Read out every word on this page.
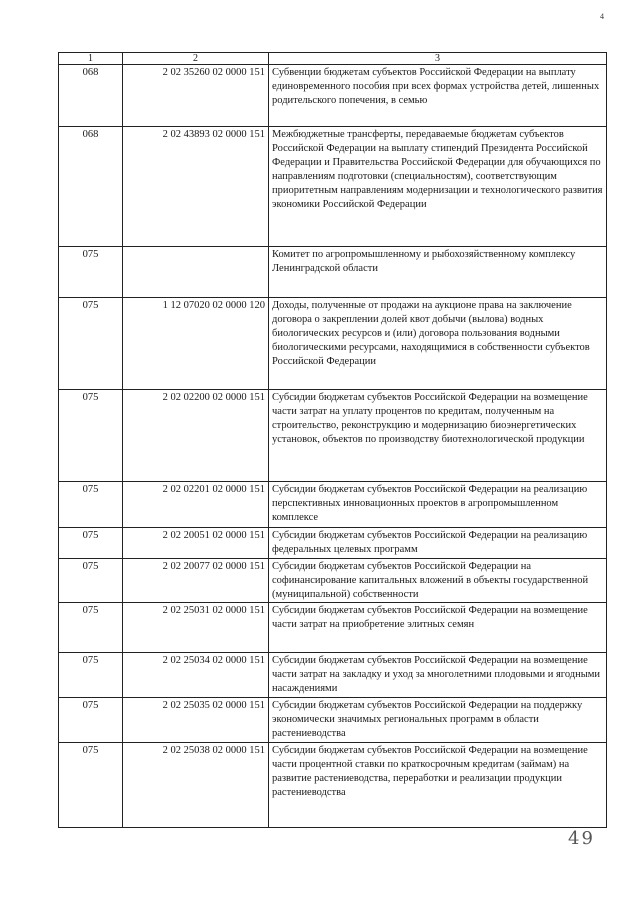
4
1	2	3
068	2 02 35260 02 0000 151	Субвенции бюджетам субъектов Российской Федерации на выплату единовременного пособия при всех формах устройства детей, лишенных родительского попечения, в семью
068	2 02 43893 02 0000 151	Межбюджетные трансферты, передаваемые бюджетам субъектов Российской Федерации на выплату стипендий Президента Российской Федерации и Правительства Российской Федерации для обучающихся по направлениям подготовки (специальностям), соответствующим приоритетным направлениям модернизации и технологического развития экономики Российской Федерации
075		Комитет по агропромышленному и рыбохозяйственному комплексу Ленинградской области
075	1 12 07020 02 0000 120	Доходы, полученные от продажи на аукционе права на заключение договора о закреплении долей квот добычи (вылова) водных биологических ресурсов и (или) договора пользования водными биологическими ресурсами, находящимися в собственности субъектов Российской Федерации
075	2 02 02200 02 0000 151	Субсидии бюджетам субъектов Российской Федерации на возмещение части затрат на уплату процентов по кредитам, полученным на строительство, реконструкцию и модернизацию биоэнергетических установок, объектов по производству биотехнологической продукции
075	2 02 02201 02 0000 151	Субсидии бюджетам субъектов Российской Федерации на реализацию перспективных инновационных проектов в агропромышленном комплексе
075	2 02 20051 02 0000 151	Субсидии бюджетам субъектов Российской Федерации на реализацию федеральных целевых программ
075	2 02 20077 02 0000 151	Субсидии бюджетам субъектов Российской Федерации на софинансирование капитальных вложений в объекты государственной (муниципальной) собственности
075	2 02 25031 02 0000 151	Субсидии бюджетам субъектов Российской Федерации на возмещение части затрат на приобретение элитных семян
075	2 02 25034 02 0000 151	Субсидии бюджетам субъектов Российской Федерации на возмещение части затрат на закладку и уход за многолетними плодовыми и ягодными насаждениями
075	2 02 25035 02 0000 151	Субсидии бюджетам субъектов Российской Федерации на поддержку экономически значимых региональных программ в области растениеводства
075	2 02 25038 02 0000 151	Субсидии бюджетам субъектов Российской Федерации на возмещение части процентной ставки по краткосрочным кредитам (займам) на развитие растениеводства, переработки и реализации продукции растениеводства
49
